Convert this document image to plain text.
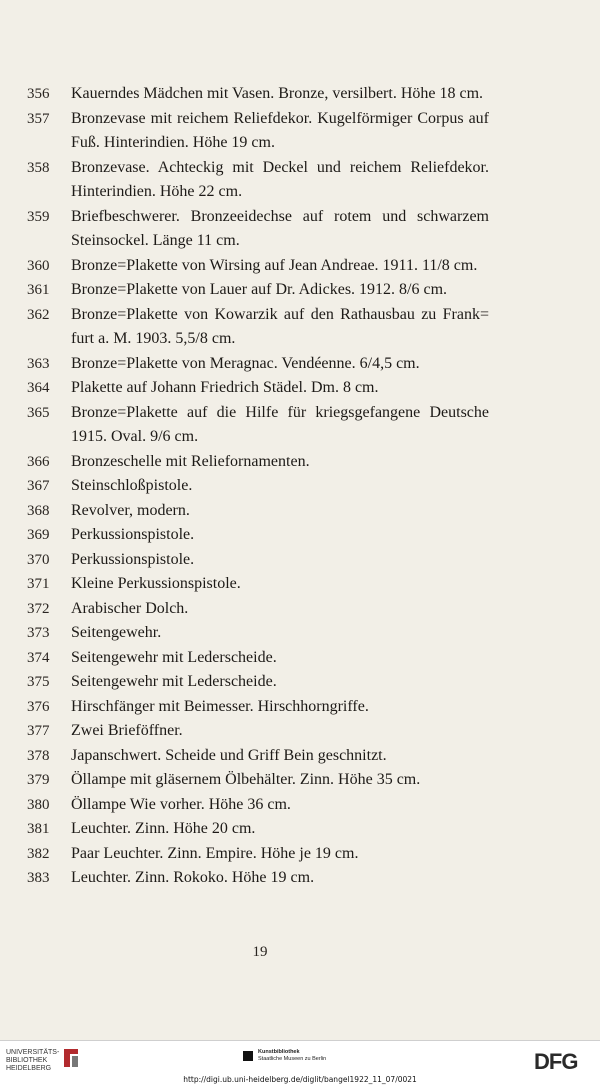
356	Kauerndes Mädchen mit Vasen. Bronze, versilbert. Höhe 18 cm.
357	Bronzevase mit reichem Reliefdekor. Kugelförmiger Corpus auf Fuß. Hinterindien. Höhe 19 cm.
358	Bronzevase. Achteckig mit Deckel und reichem Reliefdekor. Hinterindien. Höhe 22 cm.
359	Briefbeschwerer. Bronzeeidechse auf rotem und schwarzem Steinsockel. Länge 11 cm.
360	Bronze=Plakette von Wirsing auf Jean Andreae. 1911. 11/8 cm.
361	Bronze=Plakette von Lauer auf Dr. Adickes. 1912. 8/6 cm.
362	Bronze=Plakette von Kowarzik auf den Rathausbau zu Frank= furt a. M. 1903. 5,5/8 cm.
363	Bronze=Plakette von Meragnac. Vendéenne. 6/4,5 cm.
364	Plakette auf Johann Friedrich Städel. Dm. 8 cm.
365	Bronze=Plakette auf die Hilfe für kriegsgefangene Deutsche 1915. Oval. 9/6 cm.
366	Bronzeschelle mit Reliefornamenten.
367	Steinschloßpistole.
368	Revolver, modern.
369	Perkussionspistole.
370	Perkussionspistole.
371	Kleine Perkussionspistole.
372	Arabischer Dolch.
373	Seitengewehr.
374	Seitengewehr mit Lederscheide.
375	Seitengewehr mit Lederscheide.
376	Hirschfänger mit Beimesser. Hirschhorngriffe.
377	Zwei Brieföffner.
378	Japanschwert. Scheide und Griff Bein geschnitzt.
379	Öllampe mit gläsernem Ölbehälter. Zinn. Höhe 35 cm.
380	Öllampe Wie vorher. Höhe 36 cm.
381	Leuchter. Zinn. Höhe 20 cm.
382	Paar Leuchter. Zinn. Empire. Höhe je 19 cm.
383	Leuchter. Zinn. Rokoko. Höhe 19 cm.
19
UNIVERSITÄTS-
BIBLIOTHEK
HEIDELBERG
Kunstbibliothek
Staatliche Museen zu Berlin	DFG
http://digi.ub.uni-heidelberg.de/diglit/bangel1922_11_07/0021
